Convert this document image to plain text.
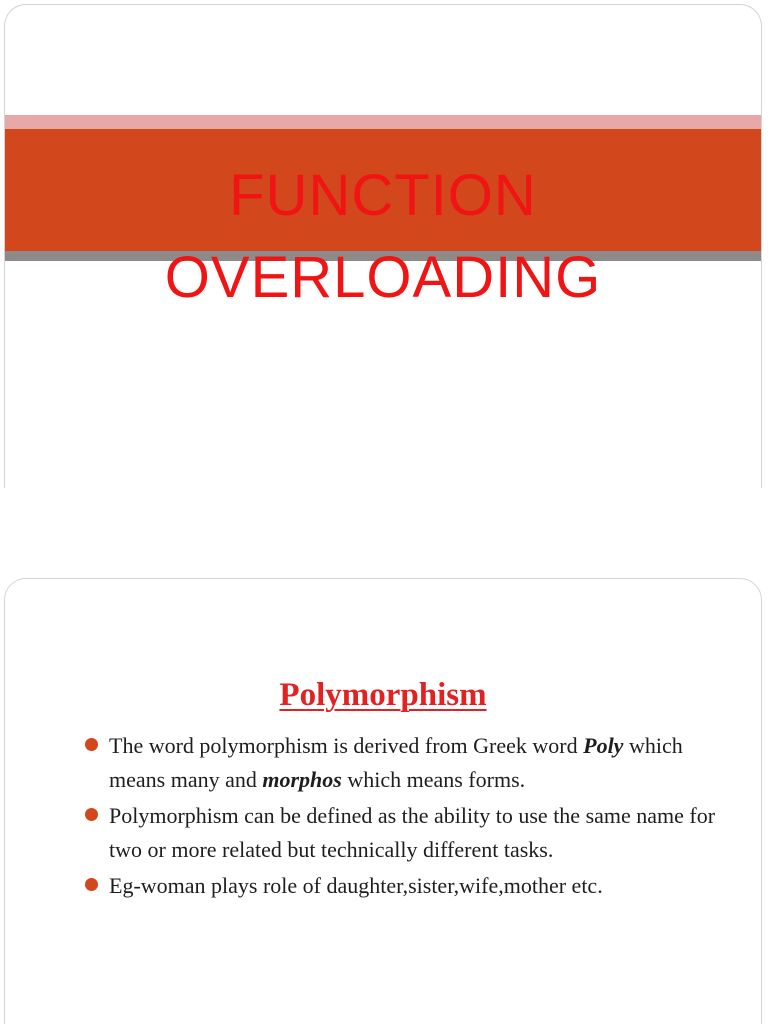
FUNCTION
OVERLOADING
Polymorphism
The word polymorphism is derived from Greek word Poly which means many and morphos which means forms.
Polymorphism can be defined as the ability to use the same name for two or more related but technically different tasks.
Eg-woman plays role of daughter,sister,wife,mother etc.
